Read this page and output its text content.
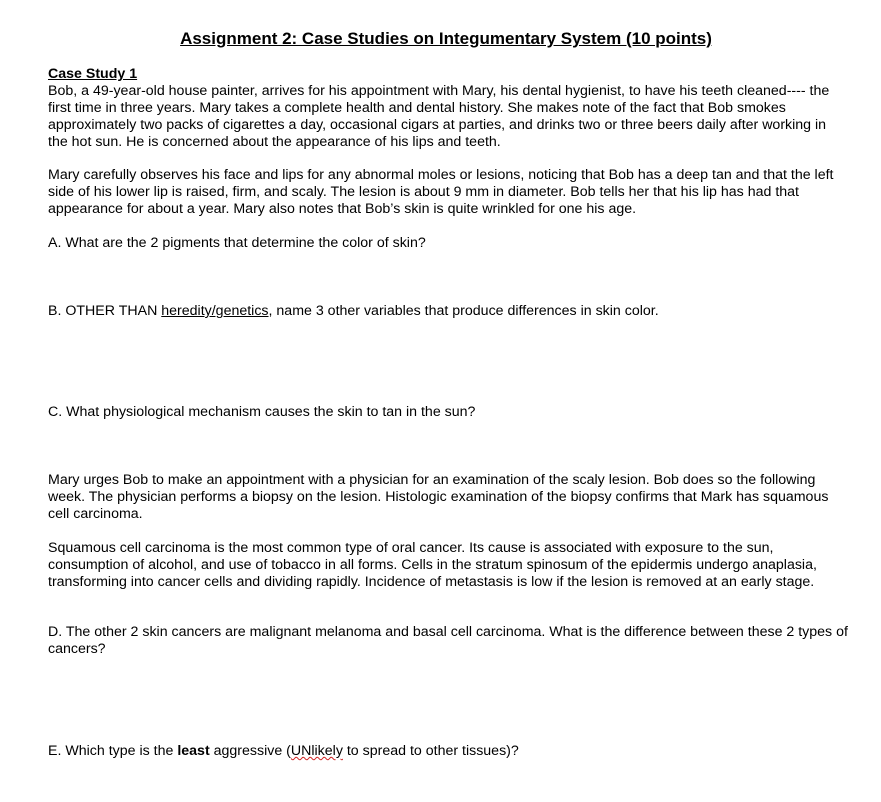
Assignment 2: Case Studies on Integumentary System (10 points)
Case Study 1
Bob, a 49-year-old house painter, arrives for his appointment with Mary, his dental hygienist, to have his teeth cleaned---- the first time in three years. Mary takes a complete health and dental history. She makes note of the fact that Bob smokes approximately two packs of cigarettes a day, occasional cigars at parties, and drinks two or three beers daily after working in the hot sun. He is concerned about the appearance of his lips and teeth.
Mary carefully observes his face and lips for any abnormal moles or lesions, noticing that Bob has a deep tan and that the left side of his lower lip is raised, firm, and scaly. The lesion is about 9 mm in diameter. Bob tells her that his lip has had that appearance for about a year. Mary also notes that Bob’s skin is quite wrinkled for one his age.
A. What are the 2 pigments that determine the color of skin?
B. OTHER THAN heredity/genetics, name 3 other variables that produce differences in skin color.
C. What physiological mechanism causes the skin to tan in the sun?
Mary urges Bob to make an appointment with a physician for an examination of the scaly lesion. Bob does so the following week. The physician performs a biopsy on the lesion. Histologic examination of the biopsy confirms that Mark has squamous cell carcinoma.
Squamous cell carcinoma is the most common type of oral cancer. Its cause is associated with exposure to the sun, consumption of alcohol, and use of tobacco in all forms. Cells in the stratum spinosum of the epidermis undergo anaplasia, transforming into cancer cells and dividing rapidly. Incidence of metastasis is low if the lesion is removed at an early stage.
D. The other 2 skin cancers are malignant melanoma and basal cell carcinoma. What is the difference between these 2 types of cancers?
E. Which type is the least aggressive (UNlikely to spread to other tissues)?
